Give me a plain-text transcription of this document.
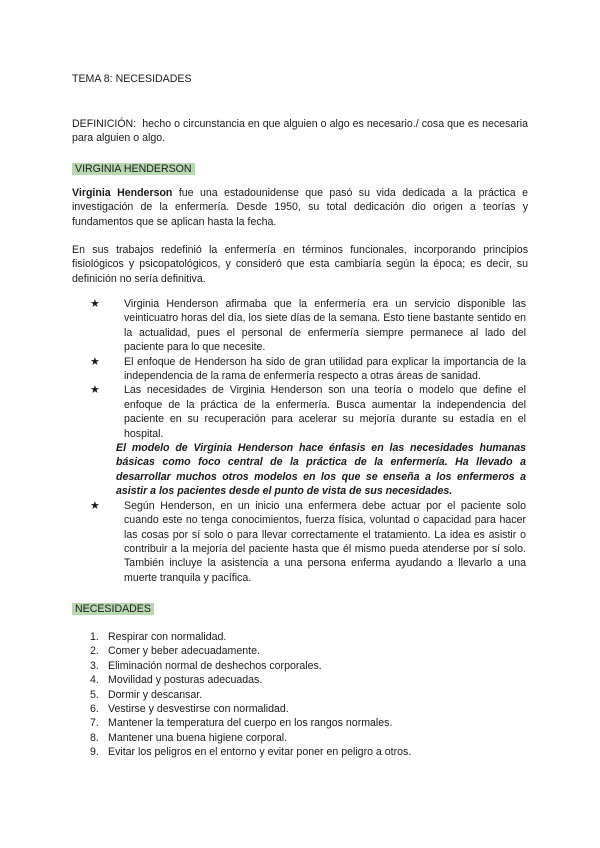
TEMA 8: NECESIDADES
DEFINICIÓN: hecho o circunstancia en que alguien o algo es necesario./ cosa que es necesaria para alguien o algo.
VIRGINIA HENDERSON
Virginia Henderson fue una estadounidense que pasó su vida dedicada a la práctica e investigación de la enfermería. Desde 1950, su total dedicación dio origen a teorías y fundamentos que se aplican hasta la fecha.
En sus trabajos redefinió la enfermería en términos funcionales, incorporando principios fisiológicos y psicopatológicos, y consideró que esta cambiaría según la época; es decir, su definición no sería definitiva.
★ Virginia Henderson afirmaba que la enfermería era un servicio disponible las veinticuatro horas del día, los siete días de la semana. Esto tiene bastante sentido en la actualidad, pues el personal de enfermería siempre permanece al lado del paciente para lo que necesite.
★ El enfoque de Henderson ha sido de gran utilidad para explicar la importancia de la independencia de la rama de enfermería respecto a otras áreas de sanidad.
★ Las necesidades de Virginia Henderson son una teoría o modelo que define el enfoque de la práctica de la enfermería. Busca aumentar la independencia del paciente en su recuperación para acelerar su mejoría durante su estadía en el hospital.
El modelo de Virginia Henderson hace énfasis en las necesidades humanas básicas como foco central de la práctica de la enfermería. Ha llevado a desarrollar muchos otros modelos en los que se enseña a los enfermeros a asistir a los pacientes desde el punto de vista de sus necesidades.
★ Según Henderson, en un inicio una enfermera debe actuar por el paciente solo cuando este no tenga conocimientos, fuerza física, voluntad o capacidad para hacer las cosas por sí solo o para llevar correctamente el tratamiento. La idea es asistir o contribuir a la mejoría del paciente hasta que él mismo pueda atenderse por sí solo. También incluye la asistencia a una persona enferma ayudando a llevarlo a una muerte tranquila y pacífica.
NECESIDADES
1. Respirar con normalidad.
2. Comer y beber adecuadamente.
3. Eliminación normal de deshechos corporales.
4. Movilidad y posturas adecuadas.
5. Dormir y descansar.
6. Vestirse y desvestirse con normalidad.
7. Mantener la temperatura del cuerpo en los rangos normales.
8. Mantener una buena higiene corporal.
9. Evitar los peligros en el entorno y evitar poner en peligro a otros.
